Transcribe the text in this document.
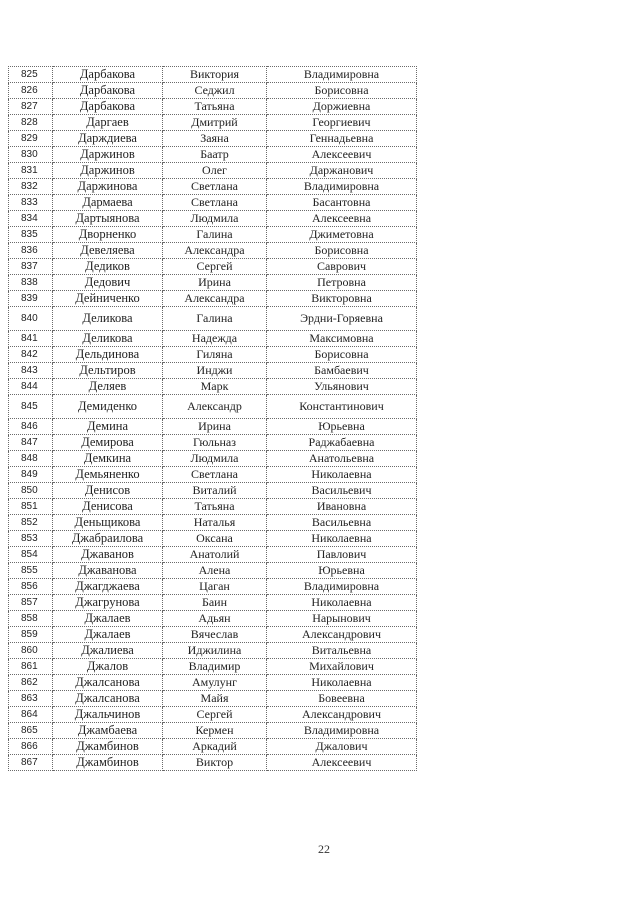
825	Дарбакова	Виктория	Владимировна
826	Дарбакова	Седжил	Борисовна
827	Дарбакова	Татьяна	Доржиевна
828	Даргаев	Дмитрий	Георгиевич
829	Дарждиева	Заяна	Геннадьевна
830	Даржинов	Баатр	Алексеевич
831	Даржинов	Олег	Даржанович
832	Даржинова	Светлана	Владимировна
833	Дармаева	Светлана	Басантовна
834	Дартыянова	Людмила	Алексеевна
835	Дворненко	Галина	Джиметовна
836	Девеляева	Александра	Борисовна
837	Дедиков	Сергей	Саврович
838	Дедович	Ирина	Петровна
839	Дейниченко	Александра	Викторовна
840	Деликова	Галина	Эрдни-Горяевна
841	Деликова	Надежда	Максимовна
842	Дельдинова	Гиляна	Борисовна
843	Дельтиров	Инджи	Бамбаевич
844	Деляев	Марк	Ульянович
845	Демиденко	Александр	Константинович
846	Демина	Ирина	Юрьевна
847	Демирова	Гюльназ	Раджабаевна
848	Демкина	Людмила	Анатольевна
849	Демьяненко	Светлана	Николаевна
850	Денисов	Виталий	Васильевич
851	Денисова	Татьяна	Ивановна
852	Деньщикова	Наталья	Васильевна
853	Джабраилова	Оксана	Николаевна
854	Джаванов	Анатолий	Павлович
855	Джаванова	Алена	Юрьевна
856	Джагджаева	Цаган	Владимировна
857	Джагрунова	Баин	Николаевна
858	Джалаев	Адьян	Нарынович
859	Джалаев	Вячеслав	Александрович
860	Джалиева	Иджилина	Витальевна
861	Джалов	Владимир	Михайлович
862	Джалсанова	Амулунг	Николаевна
863	Джалсанова	Майя	Бовеевна
864	Джальчинов	Сергей	Александрович
865	Джамбаева	Кермен	Владимировна
866	Джамбинов	Аркадий	Джалович
867	Джамбинов	Виктор	Алексеевич
22
